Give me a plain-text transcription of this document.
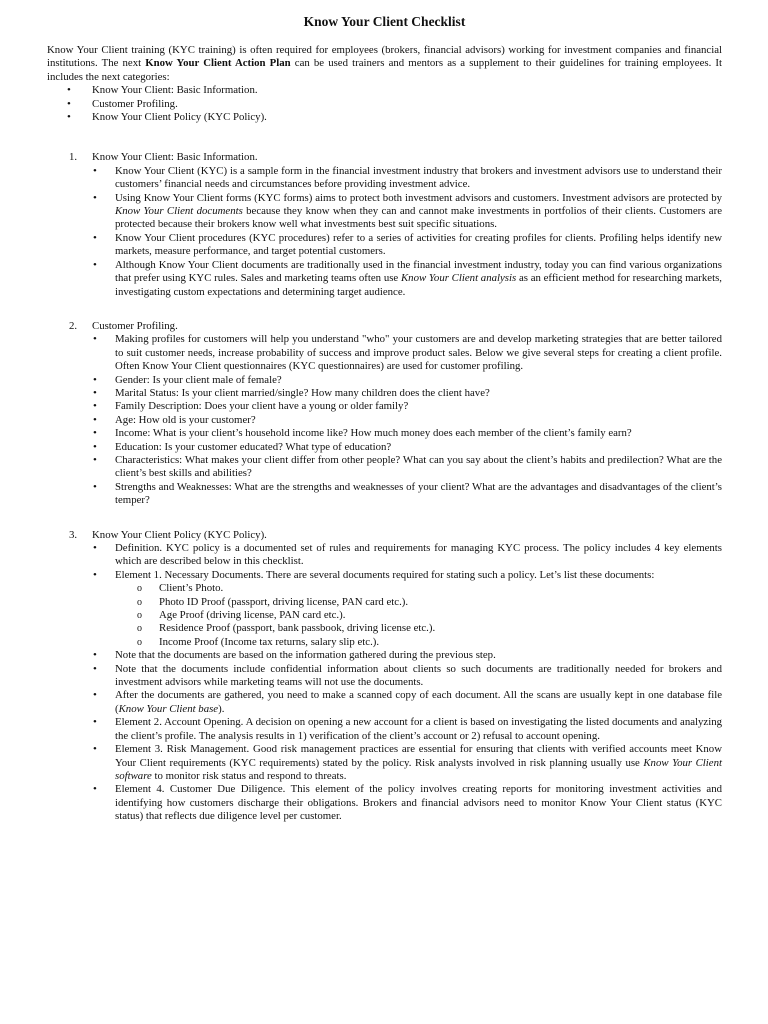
Know Your Client Checklist

Know Your Client training (KYC training) is often required for employees (brokers, financial advisors) working for investment companies and financial institutions. The next Know Your Client Action Plan can be used trainers and mentors as a supplement to their guidelines for training employees. It includes the next categories:

• Know Your Client: Basic Information.
• Customer Profiling.
• Know Your Client Policy (KYC Policy).
1. Know Your Client: Basic Information.
• Know Your Client (KYC) is a sample form in the financial investment industry that brokers and investment advisors use to understand their customers’ financial needs and circumstances before providing investment advice.
• Using Know Your Client forms (KYC forms) aims to protect both investment advisors and customers. Investment advisors are protected by Know Your Client documents because they know when they can and cannot make investments in portfolios of their clients. Customers are protected because their brokers know well what investments best suit specific situations.
• Know Your Client procedures (KYC procedures) refer to a series of activities for creating profiles for clients. Profiling helps identify new markets, measure performance, and target potential customers.
• Although Know Your Client documents are traditionally used in the financial investment industry, today you can find various organizations that prefer using KYC rules. Sales and marketing teams often use Know Your Client analysis as an efficient method for researching markets, investigating custom expectations and determining target audience.
2. Customer Profiling.
• Making profiles for customers will help you understand "who" your customers are and develop marketing strategies that are better tailored to suit customer needs, increase probability of success and improve product sales. Below we give several steps for creating a client profile. Often Know Your Client questionnaires (KYC questionnaires) are used for customer profiling.
• Gender: Is your client male of female?
• Marital Status: Is your client married/single? How many children does the client have?
• Family Description: Does your client have a young or older family?
• Age: How old is your customer?
• Income: What is your client’s household income like? How much money does each member of the client’s family earn?
• Education: Is your customer educated? What type of education?
• Characteristics: What makes your client differ from other people? What can you say about the client’s habits and predilection? What are the client’s best skills and abilities?
• Strengths and Weaknesses: What are the strengths and weaknesses of your client? What are the advantages and disadvantages of the client’s temper?
3. Know Your Client Policy (KYC Policy).
• Definition. KYC policy is a documented set of rules and requirements for managing KYC process. The policy includes 4 key elements which are described below in this checklist.
• Element 1. Necessary Documents. There are several documents required for stating such a policy. Let’s list these documents:
o Client’s Photo.
o Photo ID Proof (passport, driving license, PAN card etc.).
o Age Proof (driving license, PAN card etc.).
o Residence Proof (passport, bank passbook, driving license etc.).
o Income Proof (Income tax returns, salary slip etc.).
• Note that the documents are based on the information gathered during the previous step.
• Note that the documents include confidential information about clients so such documents are traditionally needed for brokers and investment advisors while marketing teams will not use the documents.
• After the documents are gathered, you need to make a scanned copy of each document. All the scans are usually kept in one database file (Know Your Client base).
• Element 2. Account Opening. A decision on opening a new account for a client is based on investigating the listed documents and analyzing the client’s profile. The analysis results in 1) verification of the client’s account or 2) refusal to account opening.
• Element 3. Risk Management. Good risk management practices are essential for ensuring that clients with verified accounts meet Know Your Client requirements (KYC requirements) stated by the policy. Risk analysts involved in risk planning usually use Know Your Client software to monitor risk status and respond to threats.
• Element 4. Customer Due Diligence. This element of the policy involves creating reports for monitoring investment activities and identifying how customers discharge their obligations. Brokers and financial advisors need to monitor Know Your Client status (KYC status) that reflects due diligence level per customer.
